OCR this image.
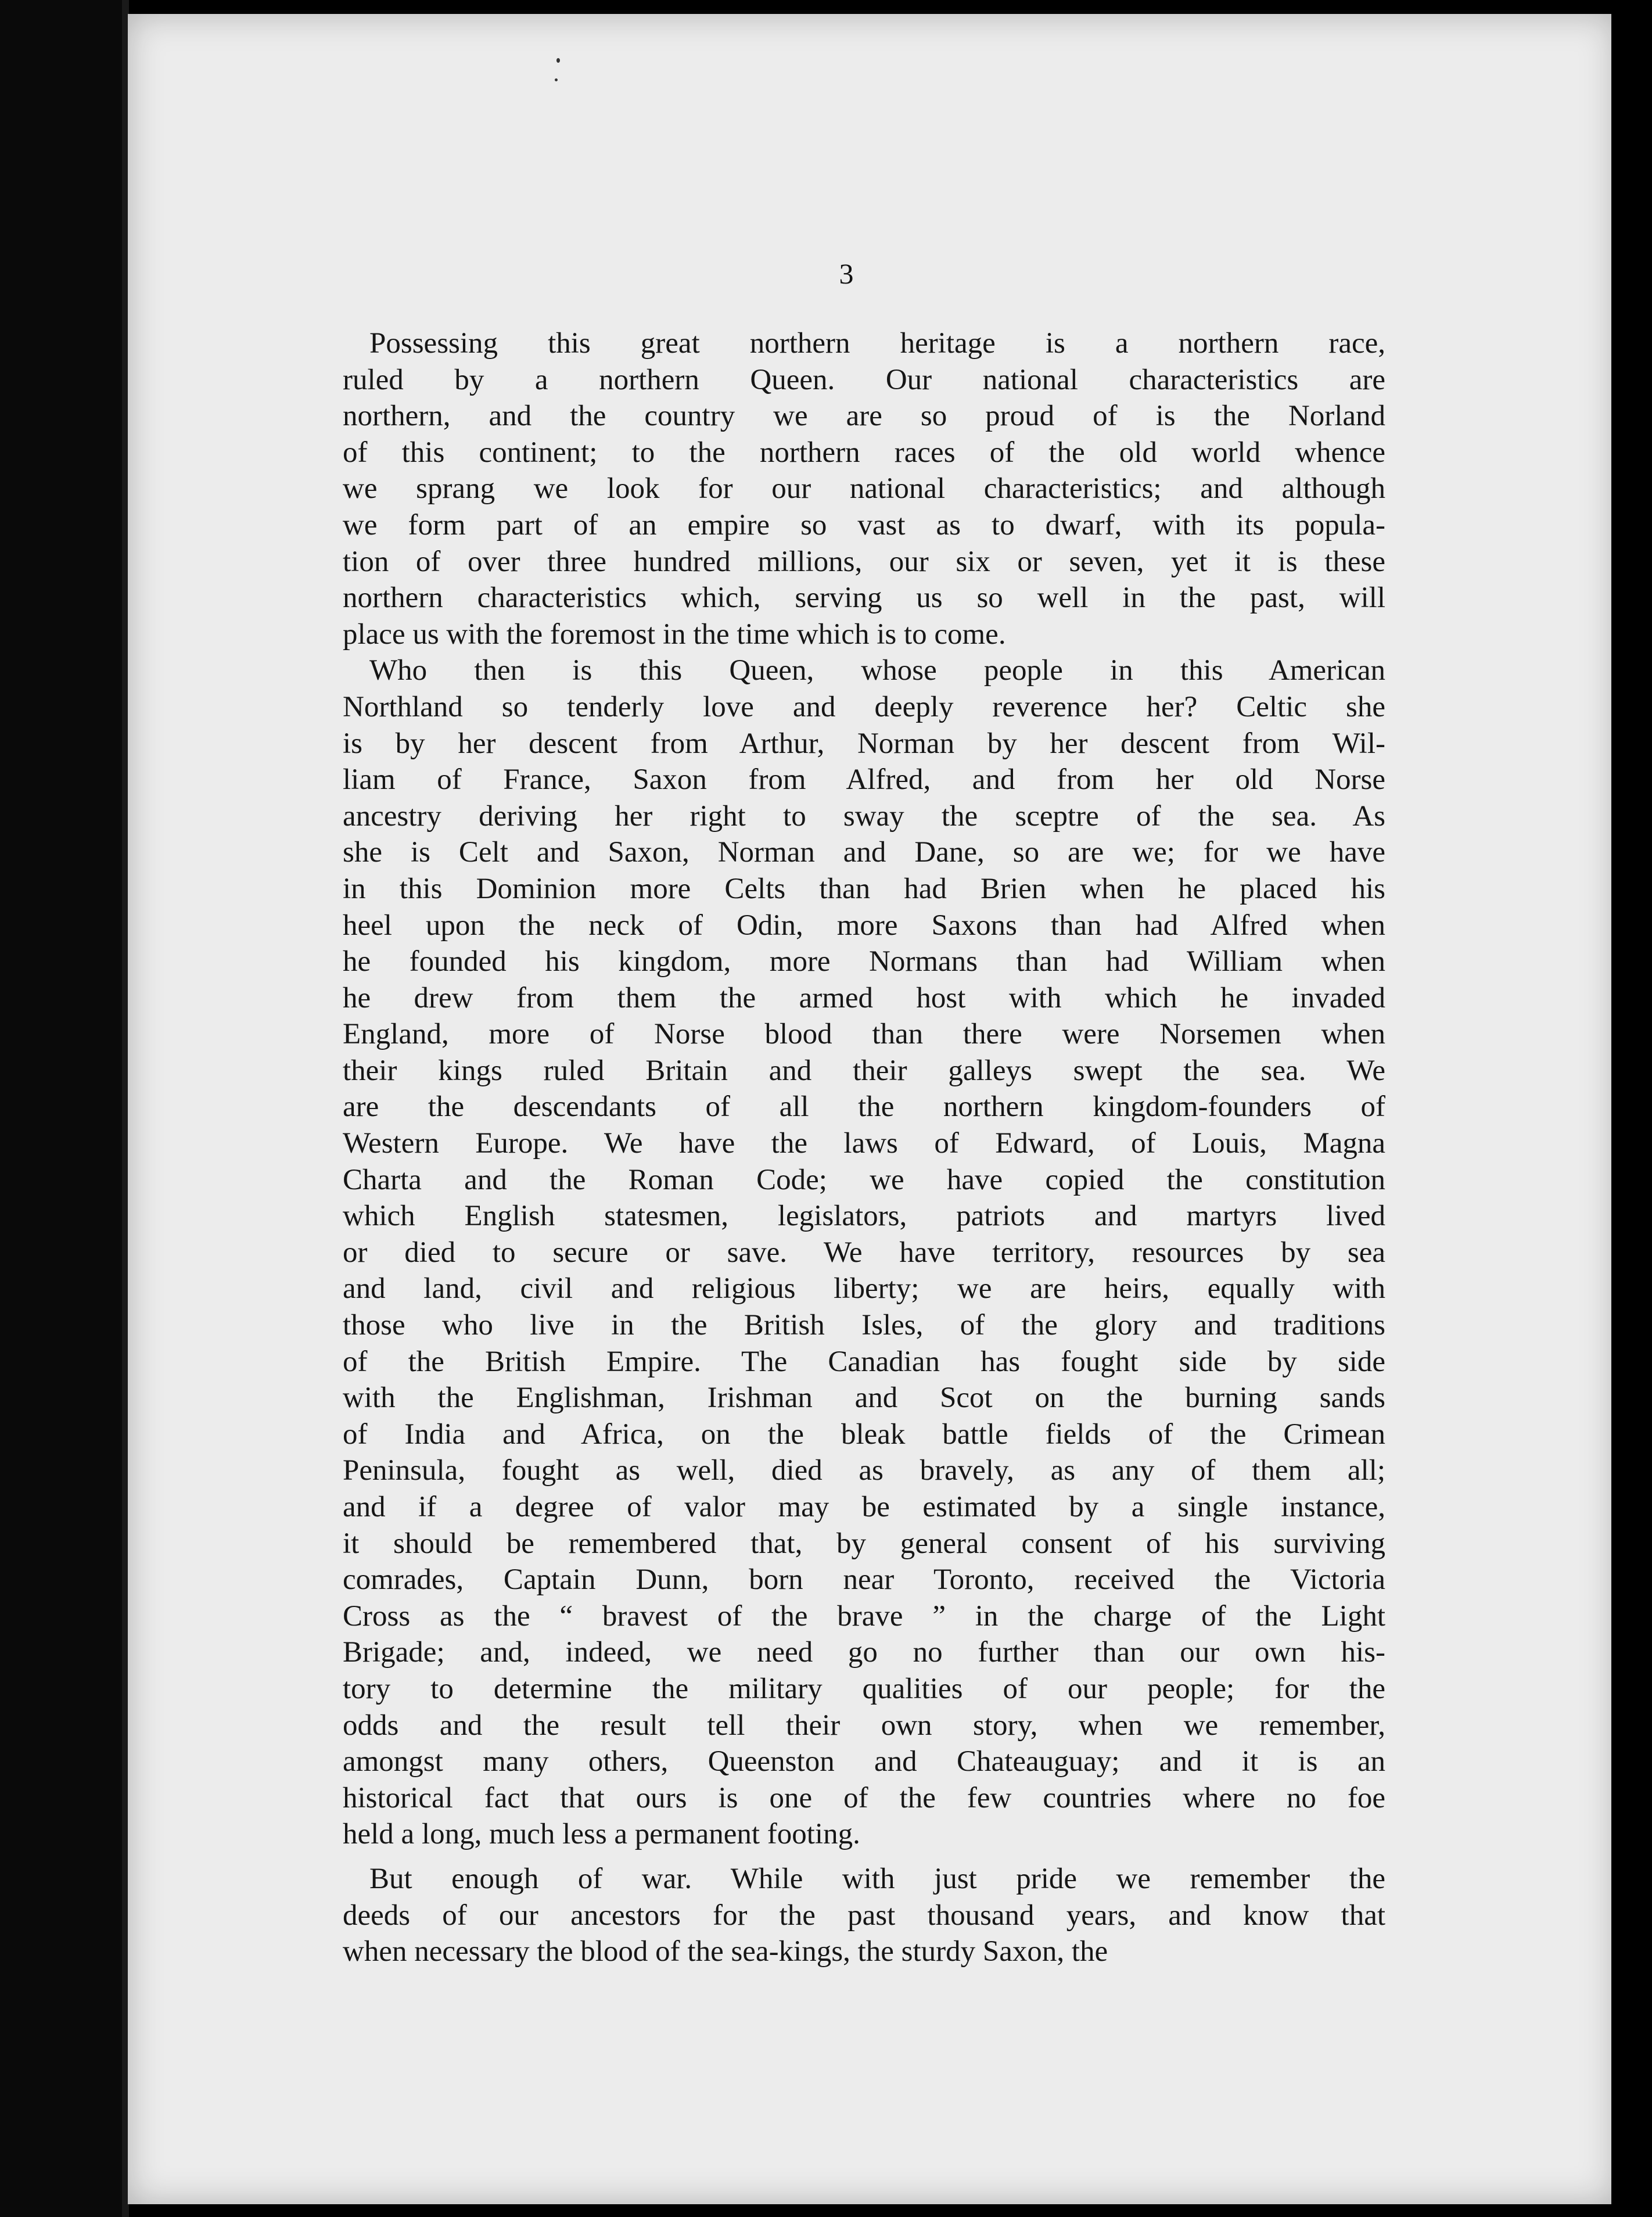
3
Possessing this great northern heritage is a northern race,
ruled by a northern Queen. Our national characteristics are
northern, and the country we are so proud of is the Norland
of this continent; to the northern races of the old world whence
we sprang we look for our national characteristics; and although
we form part of an empire so vast as to dwarf, with its popula-
tion of over three hundred millions, our six or seven, yet it is these
northern characteristics which, serving us so well in the past, will
place us with the foremost in the time which is to come.
Who then is this Queen, whose people in this American
Northland so tenderly love and deeply reverence her? Celtic she
is by her descent from Arthur, Norman by her descent from Wil-
liam of France, Saxon from Alfred, and from her old Norse
ancestry deriving her right to sway the sceptre of the sea. As
she is Celt and Saxon, Norman and Dane, so are we; for we have
in this Dominion more Celts than had Brien when he placed his
heel upon the neck of Odin, more Saxons than had Alfred when
he founded his kingdom, more Normans than had William when
he drew from them the armed host with which he invaded
England, more of Norse blood than there were Norsemen when
their kings ruled Britain and their galleys swept the sea. We
are the descendants of all the northern kingdom-founders of
Western Europe. We have the laws of Edward, of Louis, Magna
Charta and the Roman Code; we have copied the constitution
which English statesmen, legislators, patriots and martyrs lived
or died to secure or save. We have territory, resources by sea
and land, civil and religious liberty; we are heirs, equally with
those who live in the British Isles, of the glory and traditions
of the British Empire. The Canadian has fought side by side
with the Englishman, Irishman and Scot on the burning sands
of India and Africa, on the bleak battle fields of the Crimean
Peninsula, fought as well, died as bravely, as any of them all;
and if a degree of valor may be estimated by a single instance,
it should be remembered that, by general consent of his surviving
comrades, Captain Dunn, born near Toronto, received the Victoria
Cross as the “ bravest of the brave ” in the charge of the Light
Brigade; and, indeed, we need go no further than our own his-
tory to determine the military qualities of our people; for the
odds and the result tell their own story, when we remember,
amongst many others, Queenston and Chateauguay; and it is an
historical fact that ours is one of the few countries where no foe
held a long, much less a permanent footing.
But enough of war. While with just pride we remember the
deeds of our ancestors for the past thousand years, and know that
when necessary the blood of the sea-kings, the sturdy Saxon, the
